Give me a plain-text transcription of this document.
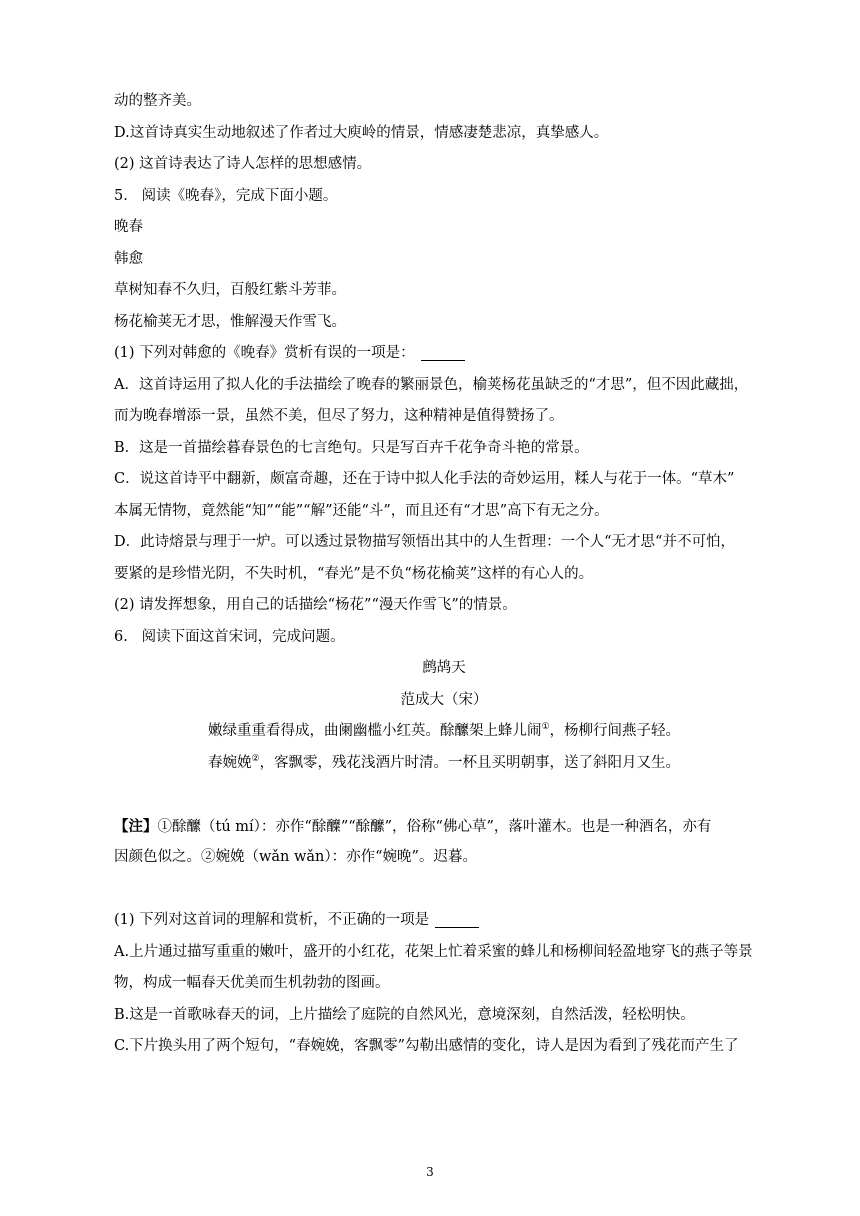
动的整齐美。
D.这首诗真实生动地叙述了作者过大庾岭的情景，情感凄楚悲凉，真挚感人。
(2) 这首诗表达了诗人怎样的思想感情。
5. 阅读《晚春》，完成下面小题。
晚春
韩愈
草树知春不久归，百般红紫斗芳菲。
杨花榆荚无才思，惟解漫天作雪飞。
(1) 下列对韩愈的《晚春》赏析有误的一项是：
A．这首诗运用了拟人化的手法描绘了晚春的繁丽景色，榆荚杨花虽缺乏的“才思”，但不因此藏拙，
而为晚春增添一景，虽然不美，但尽了努力，这种精神是值得赞扬了。
B．这是一首描绘暮春景色的七言绝句。只是写百卉千花争奇斗艳的常景。
C．说这首诗平中翻新，颇富奇趣，还在于诗中拟人化手法的奇妙运用，糅人与花于一体。“草木”
本属无情物，竟然能“知”“能”“解”还能“斗”，而且还有“才思”高下有无之分。
D．此诗熔景与理于一炉。可以透过景物描写领悟出其中的人生哲理：一个人“无才思“并不可怕，
要紧的是珍惜光阴，不失时机，“春光”是不负“杨花榆荚”这样的有心人的。
(2) 请发挥想象，用自己的话描绘“杨花”“漫天作雪飞”的情景。
6. 阅读下面这首宋词，完成问题。
鹧鸪天
范成大（宋）
嫩绿重重看得成，曲阑幽槛小红英。酴醿架上蜂儿闹①，杨柳行间燕子轻。
春婉娩②，客飘零，残花浅酒片时清。一杯且买明朝事，送了斜阳月又生。
【注】①酴醿（tú mí）：亦作“酴醾”“酴醿”，俗称“佛心草”，落叶灌木。也是一种酒名，亦有
因颜色似之。②婉娩（wǎn wǎn）：亦作“婉晚”。迟暮。
(1) 下列对这首词的理解和赏析，不正确的一项是
A.上片通过描写重重的嫩叶，盛开的小红花，花架上忙着采蜜的蜂儿和杨柳间轻盈地穿飞的燕子等景
物，构成一幅春天优美而生机勃勃的图画。
B.这是一首歌咏春天的词，上片描绘了庭院的自然风光，意境深刻，自然活泼，轻松明快。
C.下片换头用了两个短句，“春婉娩，客飘零”勾勒出感情的变化，诗人是因为看到了残花而产生了
3
